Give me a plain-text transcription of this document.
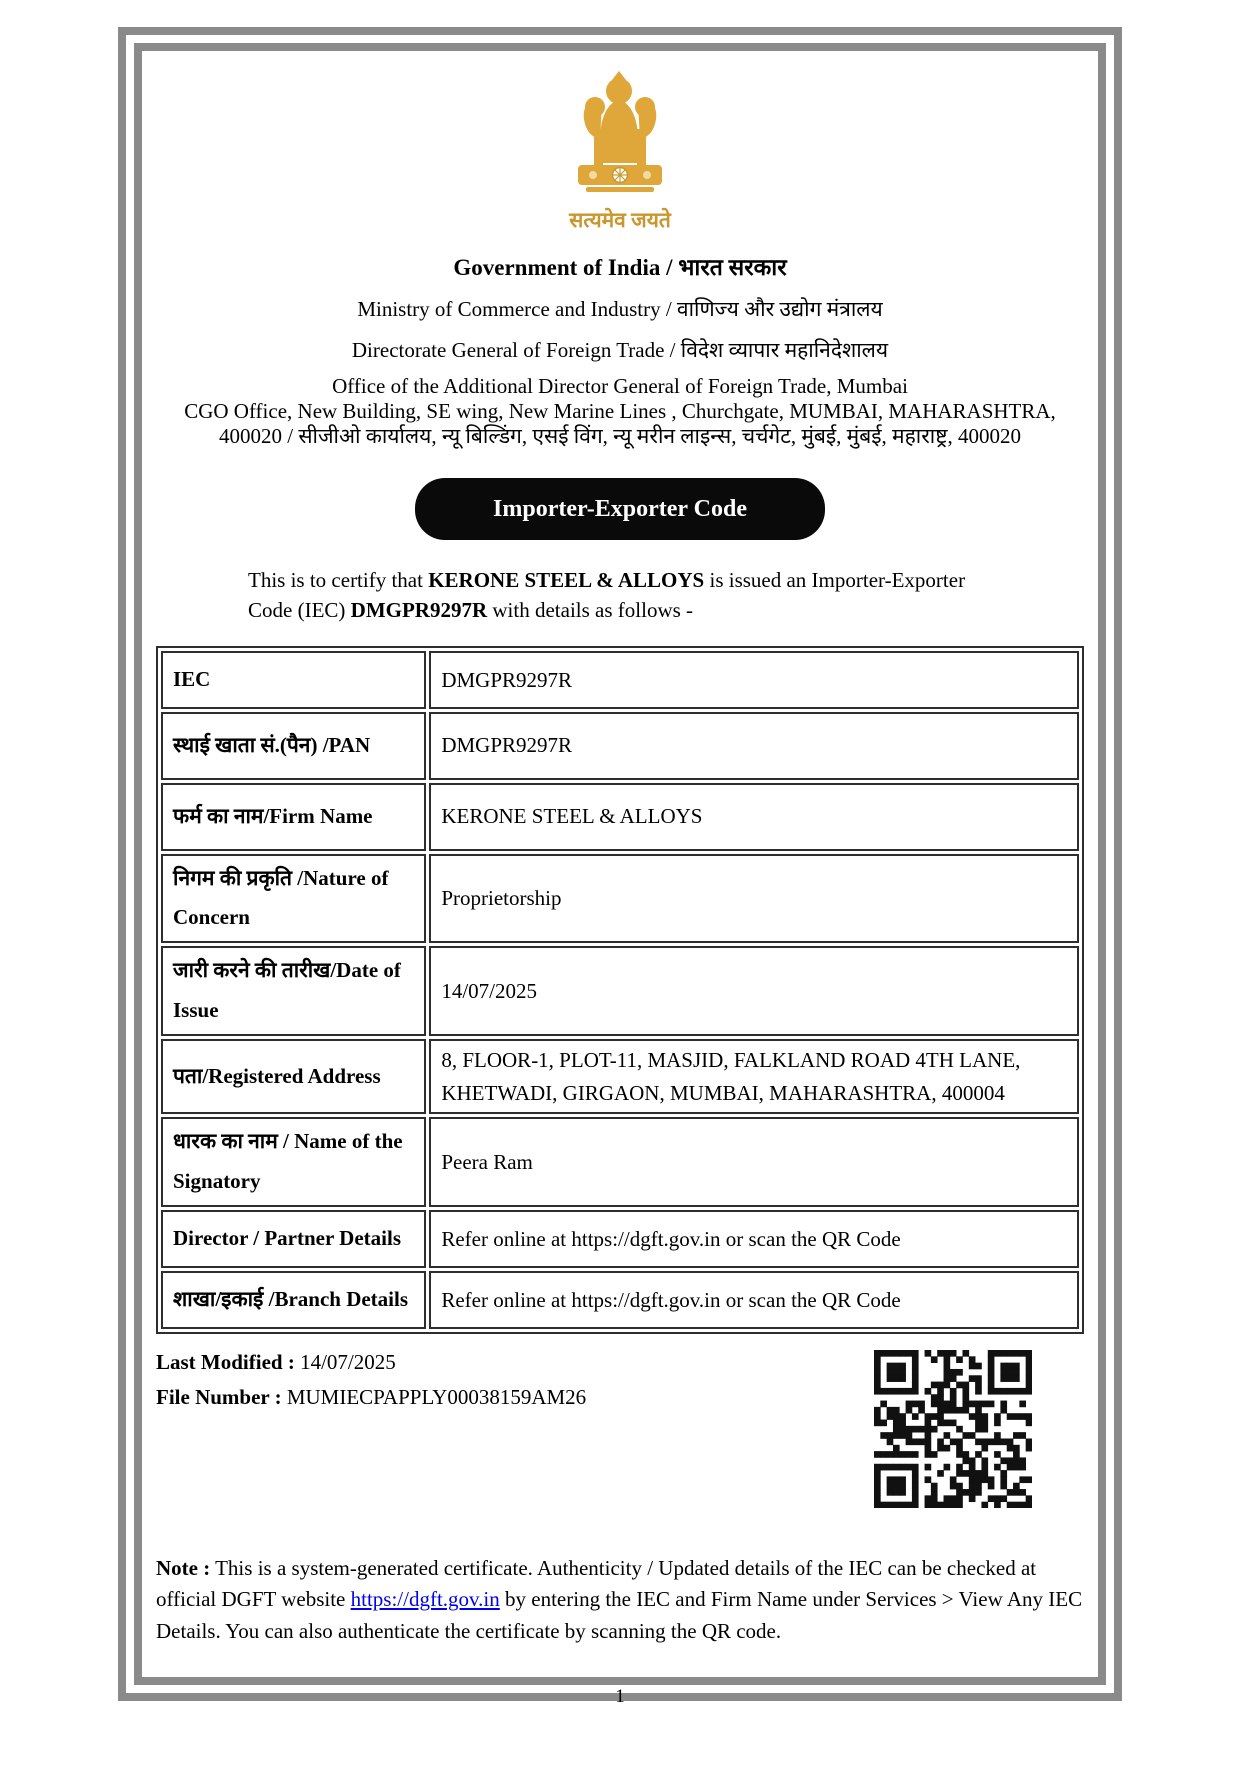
सत्यमेव जयते
Government of India / भारत सरकार
Ministry of Commerce and Industry / वाणिज्य और उद्योग मंत्रालय
Directorate General of Foreign Trade / विदेश व्यापार महानिदेशालय
Office of the Additional Director General of Foreign Trade, Mumbai
CGO Office, New Building, SE wing, New Marine Lines , Churchgate, MUMBAI, MAHARASHTRA,
400020 / सीजीओ कार्यालय, न्यू बिल्डिंग, एसई विंग, न्यू मरीन लाइन्स, चर्चगेट, मुंबई, मुंबई, महाराष्ट्र, 400020
Importer-Exporter Code
This is to certify that KERONE STEEL & ALLOYS is issued an Importer-Exporter Code (IEC) DMGPR9297R with details as follows -
IEC	DMGPR9297R
स्थाई खाता सं.(पैन) /PAN	DMGPR9297R
फर्म का नाम/Firm Name	KERONE STEEL & ALLOYS
निगम की प्रकृति /Nature of Concern	Proprietorship
जारी करने की तारीख/Date of Issue	14/07/2025
पता/Registered Address	8, FLOOR-1, PLOT-11, MASJID, FALKLAND ROAD 4TH LANE, KHETWADI, GIRGAON, MUMBAI, MAHARASHTRA, 400004
धारक का नाम / Name of the Signatory	Peera Ram
Director / Partner Details	Refer online at https://dgft.gov.in or scan the QR Code
शाखा/इकाई /Branch Details	Refer online at https://dgft.gov.in or scan the QR Code
Last Modified : 14/07/2025
File Number : MUMIECPAPPLY00038159AM26
Note : This is a system-generated certificate. Authenticity / Updated details of the IEC can be checked at official DGFT website https://dgft.gov.in by entering the IEC and Firm Name under Services > View Any IEC Details. You can also authenticate the certificate by scanning the QR code.
1
